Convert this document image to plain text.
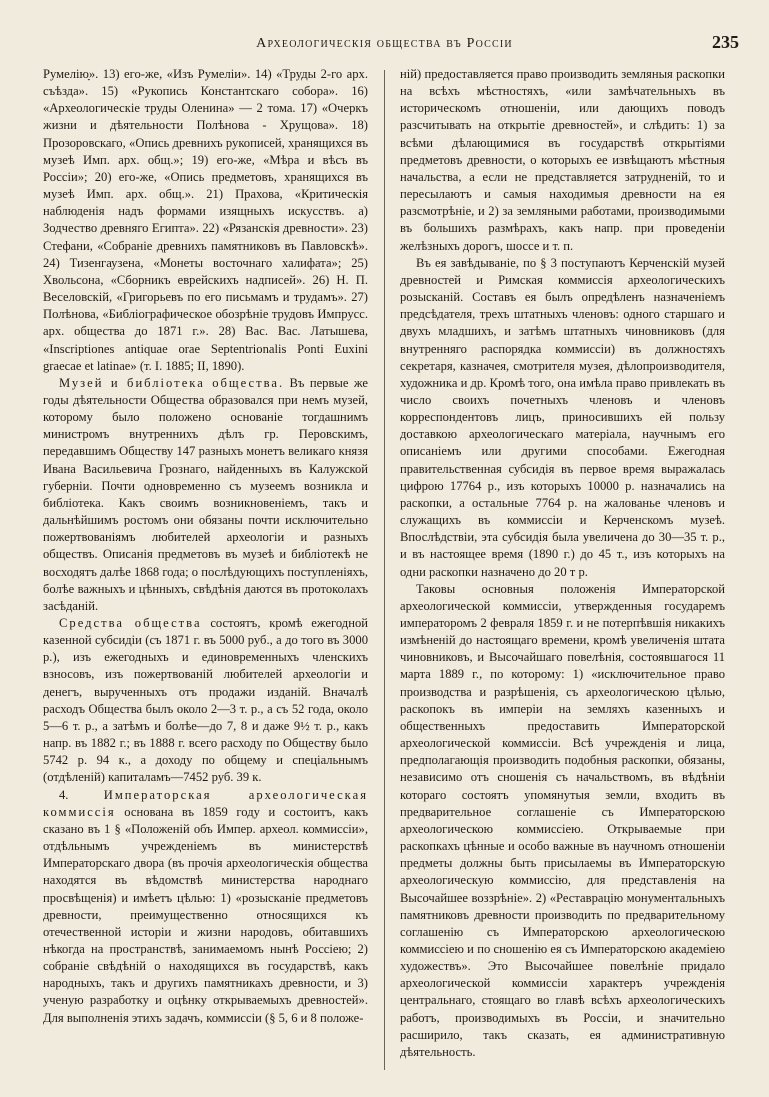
Археологическія общества въ Россіи	235

Румеліюָ». 13) его-же, «Изъ Румеліи». 14) «Труды 2-го арх. съѣзда». 15) «Рукопись Константскаго собора». 16) «Археологическіе труды Оленина» — 2 тома. 17) «Очеркъ жизни и дѣятельности Полѣнова - Хрущова». 18) Прозоровскаго, «Опись древнихъ рукописей, хранящихся въ музеѣ Имп. арх. общ.»; 19) его-же, «Мѣра и вѣсъ въ Россіи»; 20) его-же, «Опись предметовъ, хранящихся въ музеѣ Имп. арх. общ.». 21) Прахова, «Критическія наблюденія надъ формами изящныхъ искусствъ. а) Зодчество древняго Египта». 22) «Рязанскія древности». 23) Стефани, «Собраніе древнихъ памятниковъ въ Павловскѣ». 24) Тизенгаузена, «Монеты восточнаго халифата»; 25) Хвольсона, «Сборникъ еврейскихъ надписей». 26) Н. П. Веселовскій, «Григорьевъ по его письмамъ и трудамъ». 27) Полѣнова, «Библіографическое обозрѣніе трудовъ Импрусс. арх. общества до 1871 г.». 28) Вас. Вас. Латышева, «Inscriptiones antiquae orae Septentrionalis Ponti Euxini graecae et latinae» (т. I. 1885; II, 1890).

Музей и библіотека общества. Въ первые же годы дѣятельности Общества образовался при немъ музей, которому было положено основаніе тогдашнимъ министромъ внутреннихъ дѣлъ гр. Перовскимъ, передавшимъ Обществу 147 разныхъ монетъ великаго князя Ивана Васильевича Грознаго, найденныхъ въ Калужской губерніи. Почти одновременно съ музеемъ возникла и библіотека. Какъ своимъ возникновеніемъ, такъ и дальнѣйшимъ ростомъ они обязаны почти исключительно пожертвованіямъ любителей археологіи и разныхъ обществъ. Описанія предметовъ въ музеѣ и библіотекѣ не восходятъ далѣе 1868 года; о послѣдующихъ поступленіяхъ, болѣе важныхъ и цѣнныхъ, свѣдѣнія даются въ протоколахъ засѣданій.

Средства общества состоятъ, кромѣ ежегодной казенной субсидіи (съ 1871 г. въ 5000 руб., а до того въ 3000 р.), изъ ежегодныхъ и единовременныхъ членскихъ взносовъ, изъ пожертвованій любителей археологіи и денегъ, вырученныхъ отъ продажи изданій. Вначалѣ расходъ Общества былъ около 2—3 т. р., а съ 52 года, около 5—6 т. р., а затѣмъ и болѣе—до 7, 8 и даже 9½ т. р., какъ напр. въ 1882 г.; въ 1888 г. всего расходу по Обществу было 5742 р. 94 к., а доходу по общему и спеціальнымъ (отдѣленій) капиталамъ—7452 руб. 39 к.

4.	Императорская археологическая коммиссія основана въ 1859 году и состоитъ, какъ сказано въ 1 § «Положеній объ Импер. археол. коммиссіи», отдѣльнымъ учрежденіемъ въ министерствѣ Императорскаго двора (въ прочія археологическія общества находятся въ вѣдомствѣ министерства народнаго просвѣщенія) и имѣетъ цѣлью: 1) «розысканіе предметовъ древности, преимущественно относящихся къ отечественной исторіи и жизни народовъ, обитавшихъ нѣкогда на пространствѣ, занимаемомъ нынѣ Россіею; 2) собраніе свѣдѣній о находящихся въ государствѣ, какъ народныхъ, такъ и другихъ памятникахъ древности, и 3) ученую разработку и оцѣнку открываемыхъ древностей». Для выполненія этихъ задачъ, коммиссіи (§ 5, 6 и 8 положе-

ній) предоставляется право производить земляныя раскопки на всѣхъ мѣстностяхъ, «или замѣчательныхъ въ историческомъ отношеніи, или дающихъ поводъ разсчитывать на открытіе древностей», и слѣдить: 1) за всѣми дѣлающимися въ государствѣ открытіями предметовъ древности, о которыхъ ее извѣщаютъ мѣстныя начальства, а если не представляется затрудненій, то и пересылаютъ и самыя находимыя древности на ея разсмотрѣніе, и 2) за земляными работами, производимыми въ большихъ размѣрахъ, какъ напр. при проведеніи желѣзныхъ дорогъ, шоссе и т. п.

Въ ея завѣдываніе, по § 3 поступаютъ Керченскій музей древностей и Римская коммиссія археологическихъ розысканій. Составъ ея былъ опредѣленъ назначеніемъ предсѣдателя, трехъ штатныхъ членовъ: одного старшаго и двухъ младшихъ, и затѣмъ штатныхъ чиновниковъ (для внутренняго распорядка коммиссіи) въ должностяхъ секретаря, казначея, смотрителя музея, дѣлопроизводителя, художника и др. Кромѣ того, она имѣла право привлекать въ число своихъ почетныхъ членовъ и членовъ корреспондентовъ лицъ, приносившихъ ей пользу доставкою археологическаго матеріала, научнымъ его описаніемъ или другими способами. Ежегодная правительственная субсидія въ первое время выражалась цифрою 17764 р., изъ которыхъ 10000 р. назначались на раскопки, а остальные 7764 р. на жалованье членовъ и служащихъ въ коммиссіи и Керченскомъ музеѣ. Впослѣдствіи, эта субсидія была увеличена до 30—35 т. р., и въ настоящее время (1890 г.) до 45 т., изъ которыхъ на одни раскопки назначено до 20 т р.

Таковы основныя положенія Императорской археологической коммиссіи, утвержденныя государемъ императоромъ 2 февраля 1859 г. и не потерпѣвшія никакихъ измѣненій до настоящаго времени, кромѣ увеличенія штата чиновниковъ, и Высочайшаго повелѣнія, состоявшагося 11 марта 1889 г., по которому: 1) «исключительное право производства и разрѣшенія, съ археологическою цѣлью, раскопокъ въ имперіи на земляхъ казенныхъ и общественныхъ предоставить Императорской археологической коммиссіи. Всѣ учрежденія и лица, предполагающія производить подобныя раскопки, обязаны, независимо отъ сношенія съ начальствомъ, въ вѣдѣніи котораго состоятъ упомянутыя земли, входить въ предварительное соглашеніе съ Императорскою археологическою коммиссіею. Открываемые при раскопкахъ цѣнные и особо важные въ научномъ отношеніи предметы должны быть присылаемы въ Императорскую археологическую коммиссію, для представленія на Высочайшее воззрѣніе». 2) «Реставрацію монументальныхъ памятниковъ древности производить по предварительному соглашенію съ Императорскою археологическою коммиссіею и по сношенію ея съ Императорскою академіею художествъ». Это Высочайшее повелѣніе придало археологической коммиссіи характеръ учрежденія центральнаго, стоящаго во главѣ всѣхъ археологическихъ работъ, производимыхъ въ Россіи, и значительно расширило, такъ сказать, ея административную дѣятельность.
